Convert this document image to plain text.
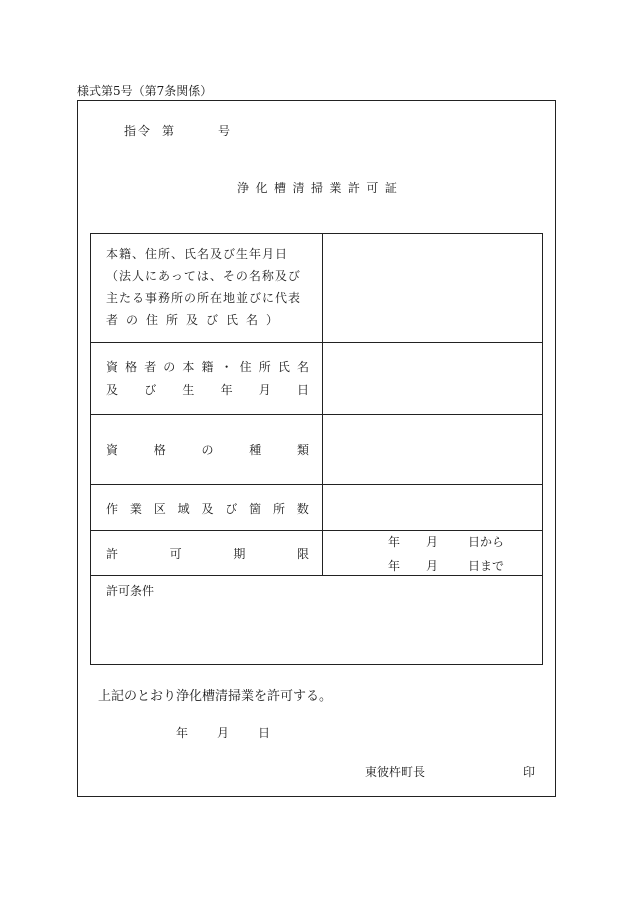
様式第5号（第7条関係）
指 令 第	号
浄 化 槽 清 掃 業 許 可 証
本籍、住所、氏名及び生年月日
（法人にあっては、その名称及び
主たる事務所の所在地並びに代表
者の住所及び氏名）
資 格 者 の 本 籍 ・ 住 所 氏 名
及 び 生 年 月 日
資	格	の	種	類
作 業 区 域 及 び 箇 所 数
許	可	期	限
年 月 日から
年 月 日まで
許可条件
上記のとおり浄化槽清掃業を許可する。
年 月 日
東彼杵町長	印
